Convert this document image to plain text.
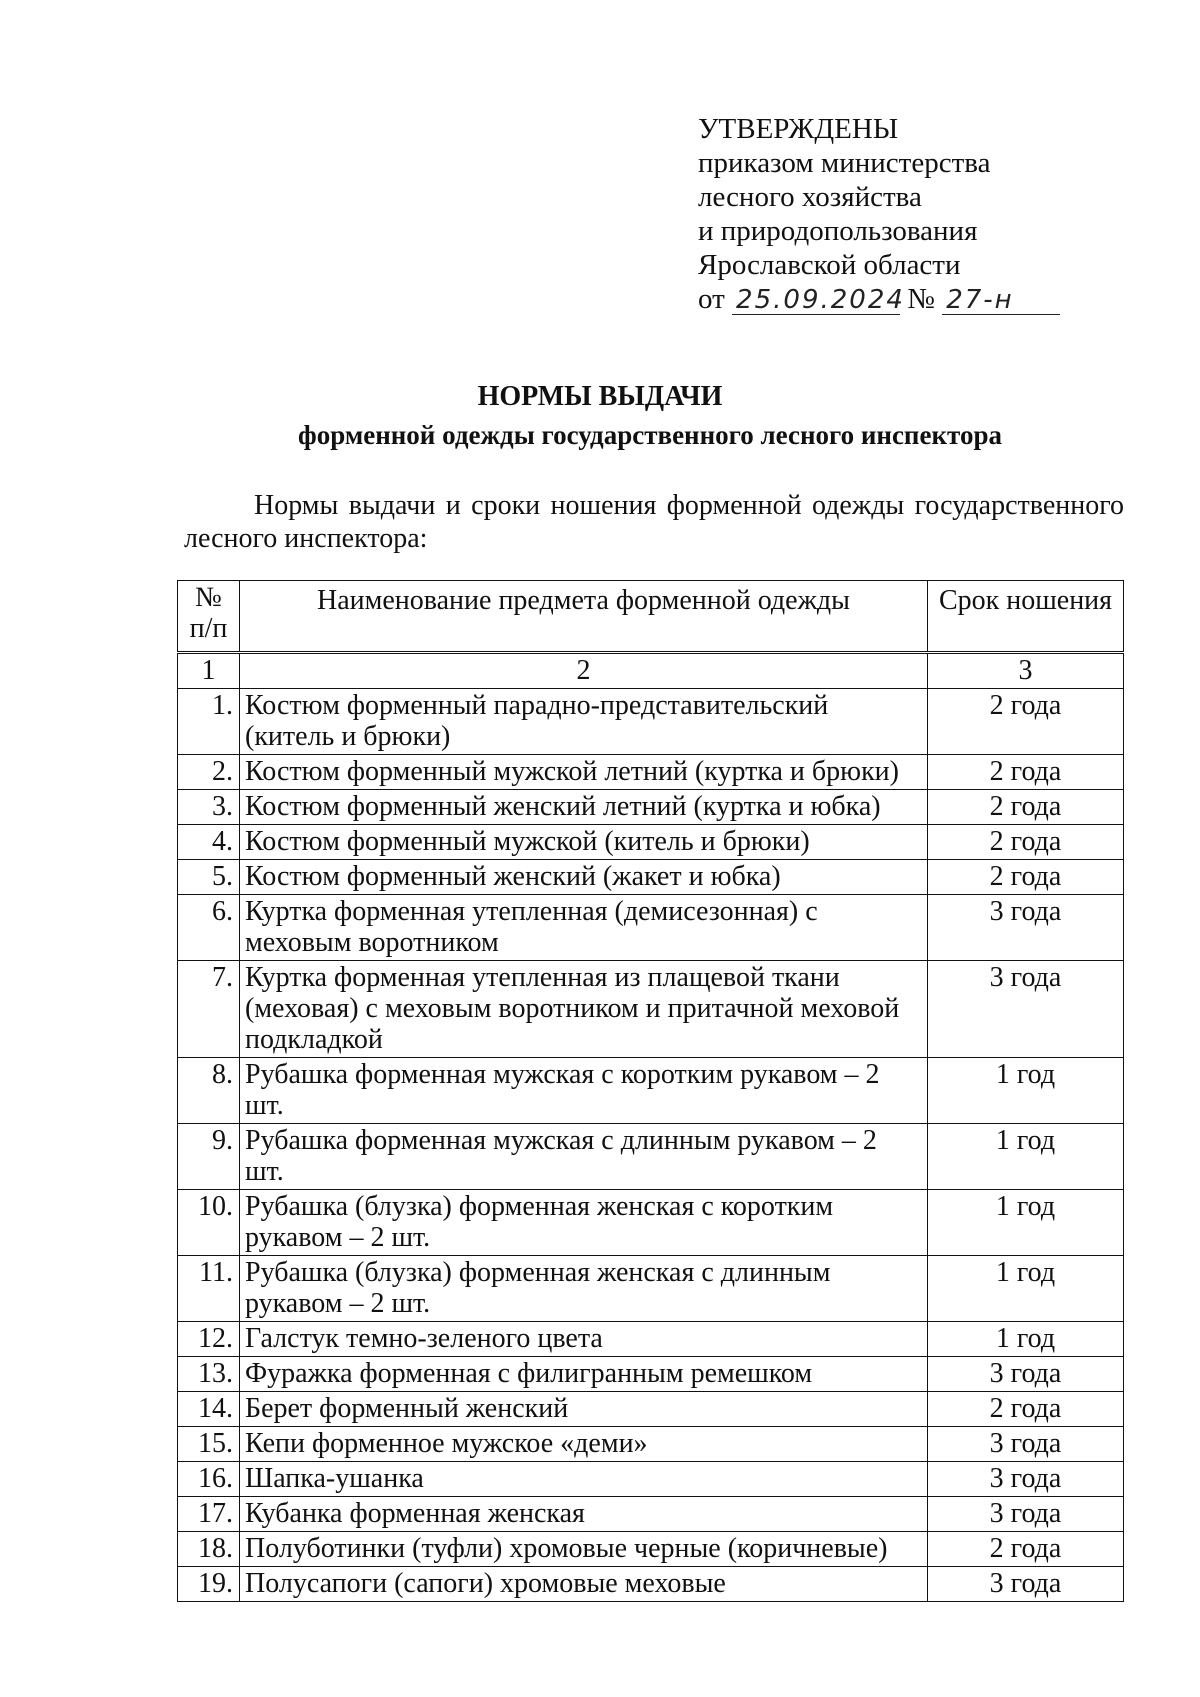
УТВЕРЖДЕНЫ
приказом министерства
лесного хозяйства
и природопользования
Ярославской области
от 25.09.2024 № 27-н
НОРМЫ ВЫДАЧИ
форменной одежды государственного лесного инспектора
Нормы выдачи и сроки ношения форменной одежды государственного лесного инспектора:
№ п/п	Наименование предмета форменной одежды	Срок ношения
1	2	3
1.	Костюм форменный парадно-представительский (китель и брюки)	2 года
2.	Костюм форменный мужской летний (куртка и брюки)	2 года
3.	Костюм форменный женский летний (куртка и юбка)	2 года
4.	Костюм форменный мужской (китель и брюки)	2 года
5.	Костюм форменный женский (жакет и юбка)	2 года
6.	Куртка форменная утепленная (демисезонная) с меховым воротником	3 года
7.	Куртка форменная утепленная из плащевой ткани (меховая) с меховым воротником и притачной меховой подкладкой	3 года
8.	Рубашка форменная мужская с коротким рукавом – 2 шт.	1 год
9.	Рубашка форменная мужская с длинным рукавом – 2 шт.	1 год
10.	Рубашка (блузка) форменная женская с коротким рукавом – 2 шт.	1 год
11.	Рубашка (блузка) форменная женская с длинным рукавом – 2 шт.	1 год
12.	Галстук темно-зеленого цвета	1 год
13.	Фуражка форменная с филигранным ремешком	3 года
14.	Берет форменный женский	2 года
15.	Кепи форменное мужское «деми»	3 года
16.	Шапка-ушанка	3 года
17.	Кубанка форменная женская	3 года
18.	Полуботинки (туфли) хромовые черные (коричневые)	2 года
19.	Полусапоги (сапоги) хромовые меховые	3 года
